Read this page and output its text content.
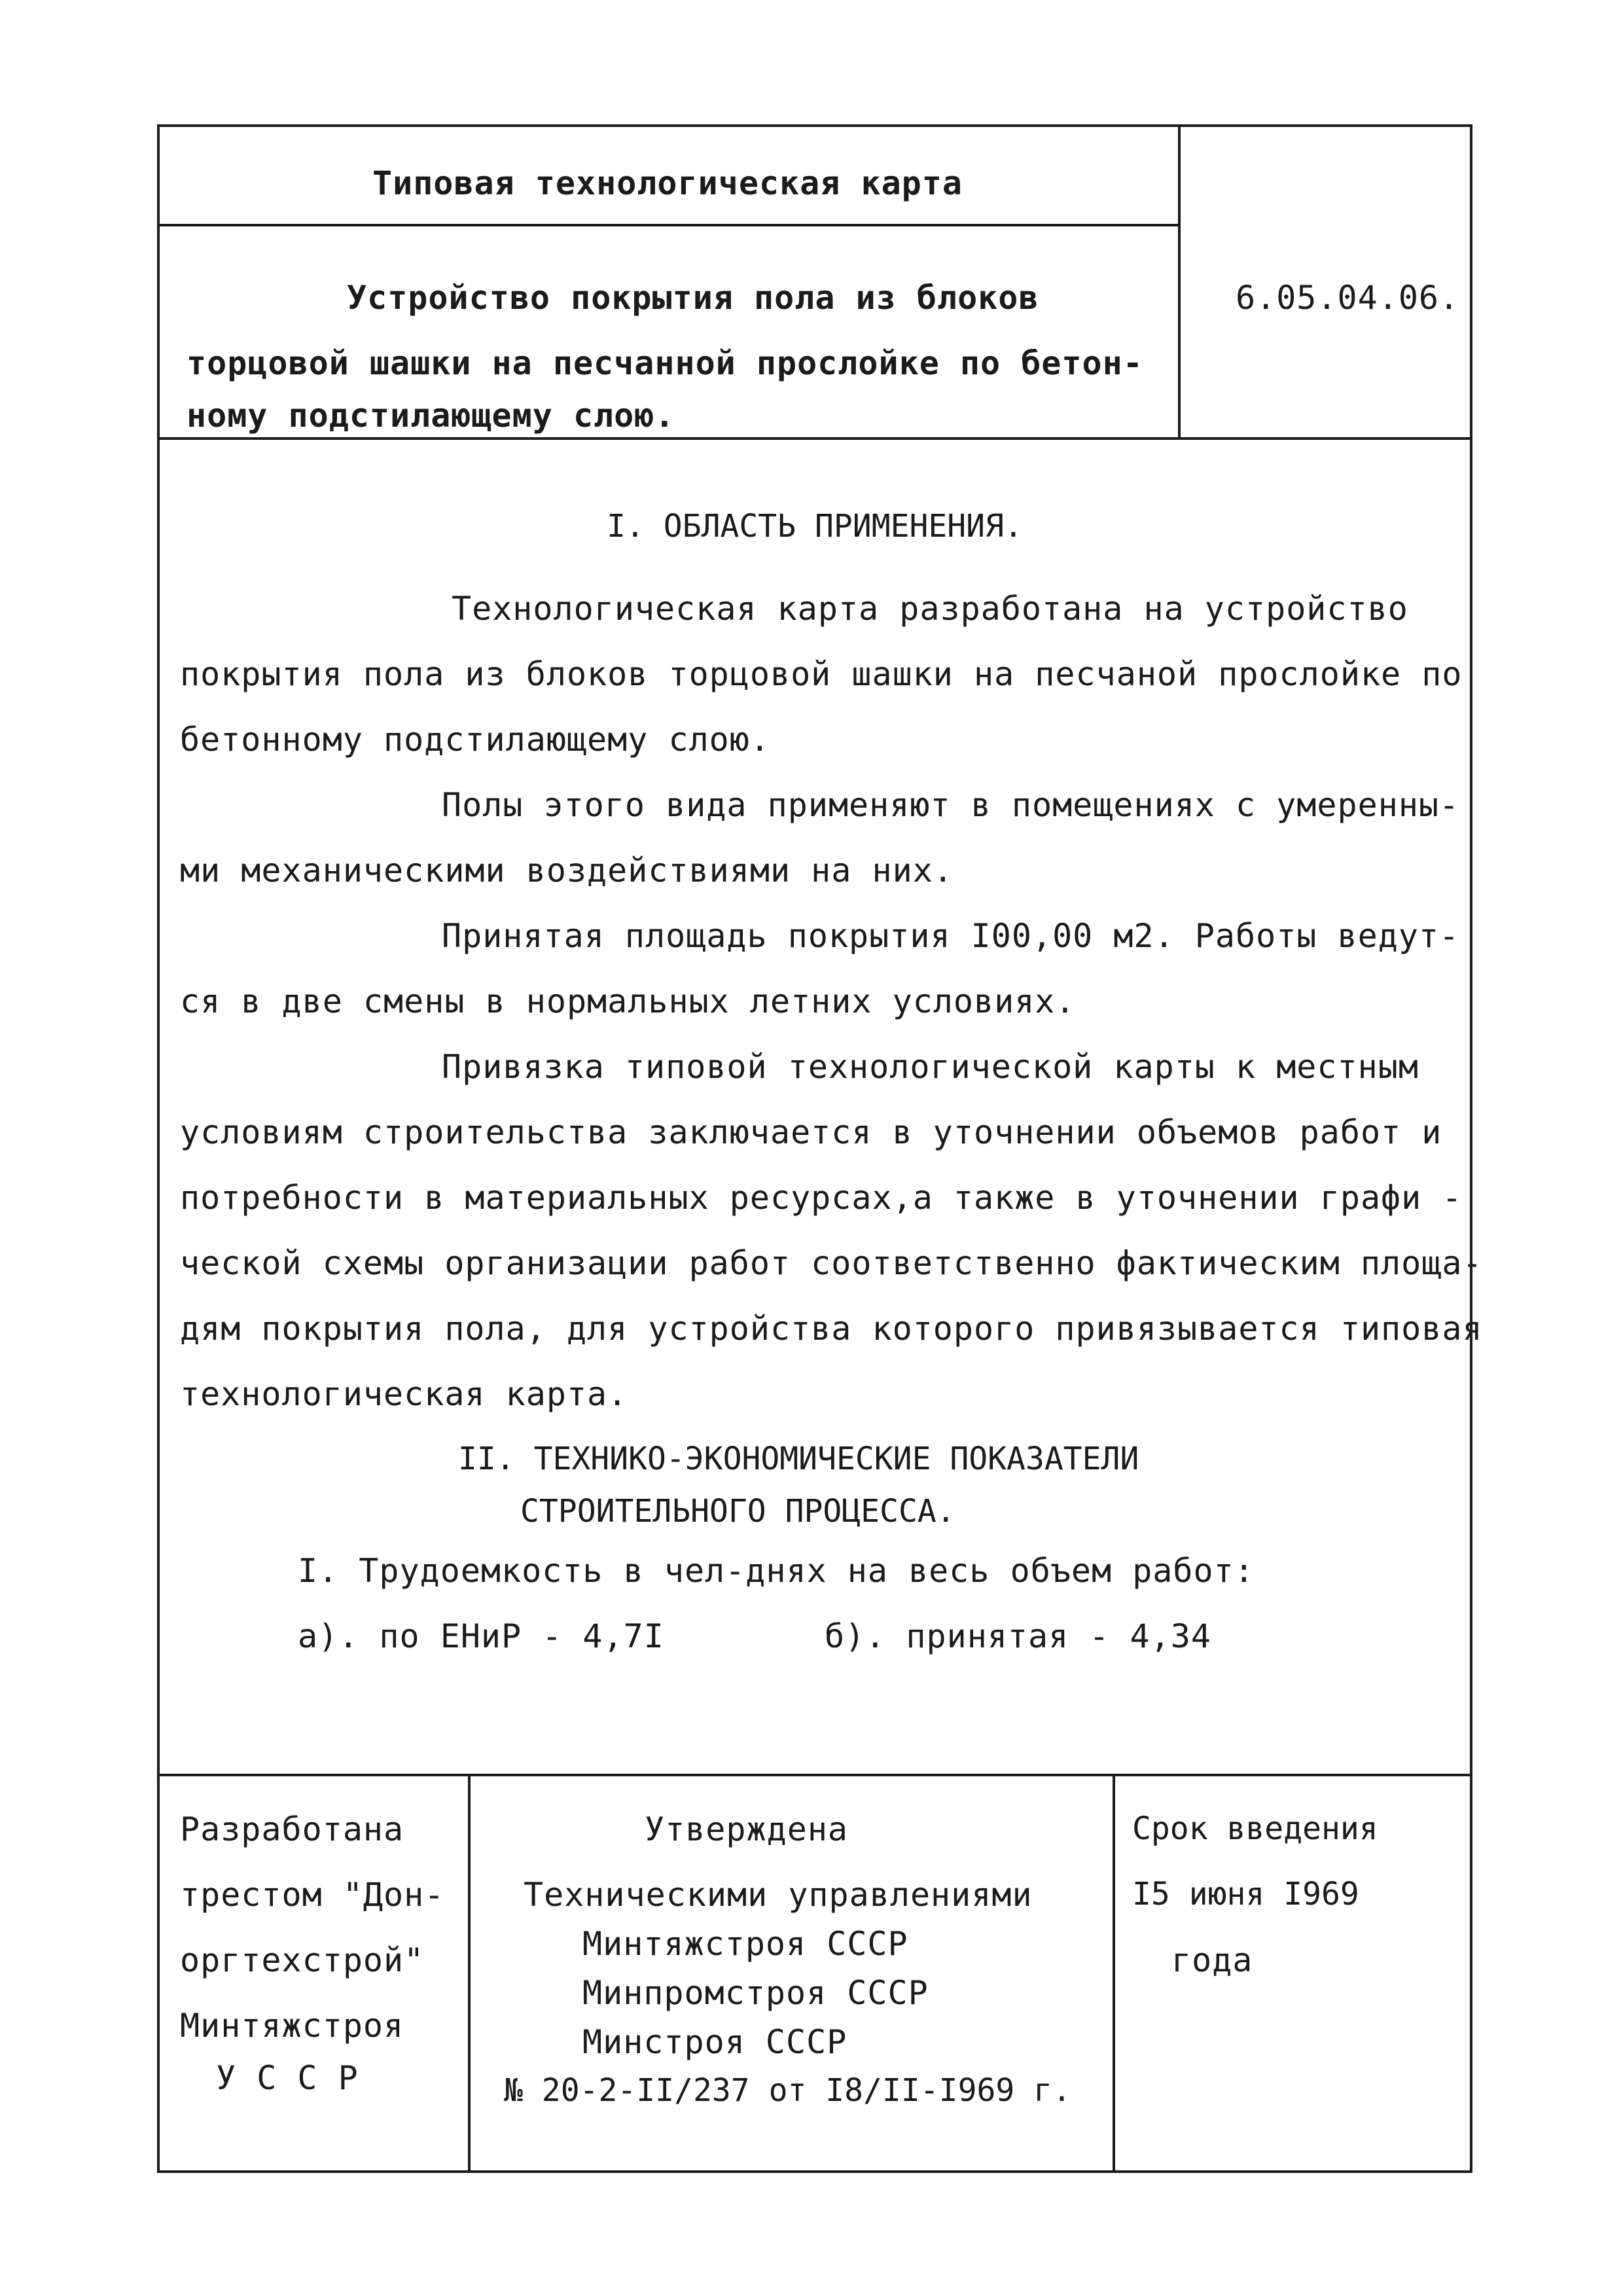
Типовая технологическая карта
Устройство покрытия пола из блоков
торцовой шашки на песчанной прослойке по бетон-
ному подстилающему слою.
6.05.04.06.
I. ОБЛАСТЬ ПРИМЕНЕНИЯ.
Технологическая карта разработана на устройство
покрытия пола из блоков торцовой шашки на песчаной прослойке по
бетонному подстилающему слою.
Полы этого вида применяют в помещениях с умеренны-
ми механическими воздействиями на них.
Принятая площадь покрытия I00,00 м2. Работы ведут-
ся в две смены в нормальных летних условиях.
Привязка типовой технологической карты к местным
условиям строительства заключается в уточнении объемов работ и
потребности в материальных ресурсах,а также в уточнении графи -
ческой схемы организации работ соответственно фактическим площа-
дям покрытия пола, для устройства которого привязывается типовая
технологическая карта.
II. ТЕХНИКО-ЭКОНОМИЧЕСКИЕ ПОКАЗАТЕЛИ
СТРОИТЕЛЬНОГО ПРОЦЕССА.
I. Трудоемкость в чел-днях на весь объем работ:
а). по ЕНиР - 4,7I	б). принятая - 4,34
Разработана
трестом "Дон-
оргтехстрой"
Минтяжстроя
У С С Р
Утверждена
Техническими управлениями
Минтяжстроя СССР
Минпромстроя СССР
Минстроя СССР
№ 20-2-II/237 от I8/II-I969 г.
Срок введения
I5 июня I969
года
